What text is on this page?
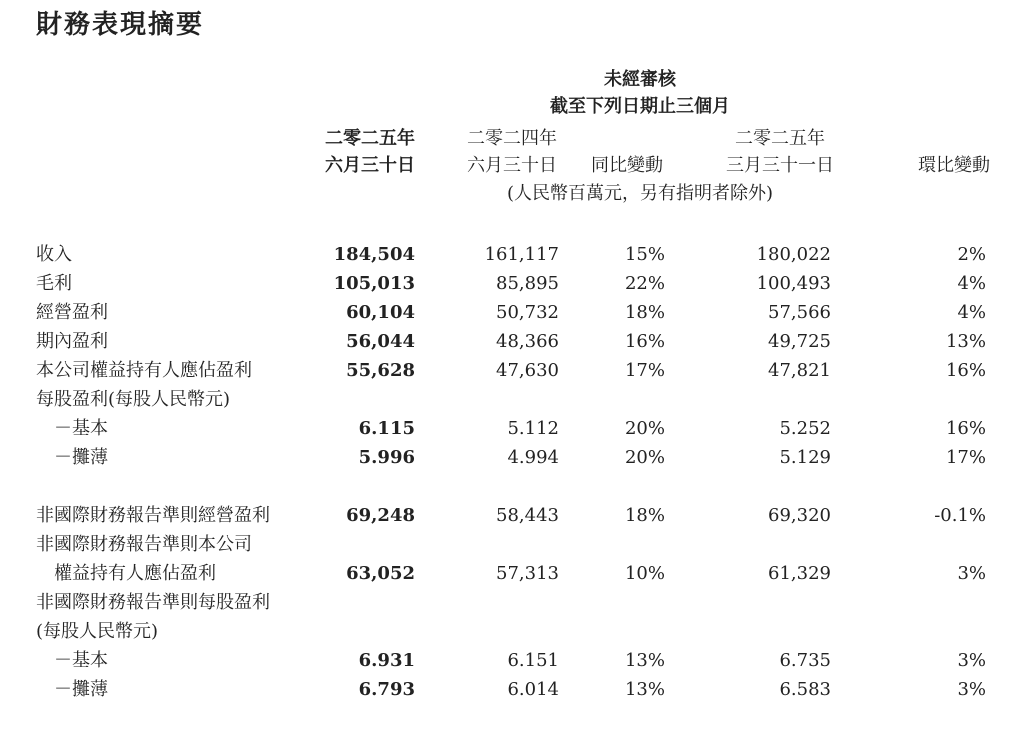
財務表現摘要
未經審核
截至下列日期止三個月
二零二五年
六月三十日
二零二四年
六月三十日	同比變動
二零二五年
三月三十一日	環比變動
(人民幣百萬元，另有指明者除外)
收入	184,504	161,117	15%	180,022	2%
毛利	105,013	85,895	22%	100,493	4%
經營盈利	60,104	50,732	18%	57,566	4%
期內盈利	56,044	48,366	16%	49,725	13%
本公司權益持有人應佔盈利	55,628	47,630	17%	47,821	16%
每股盈利(每股人民幣元)
－基本	6.115	5.112	20%	5.252	16%
－攤薄	5.996	4.994	20%	5.129	17%
非國際財務報告準則經營盈利	69,248	58,443	18%	69,320	-0.1%
非國際財務報告準則本公司
權益持有人應佔盈利	63,052	57,313	10%	61,329	3%
非國際財務報告準則每股盈利
(每股人民幣元)
－基本	6.931	6.151	13%	6.735	3%
－攤薄	6.793	6.014	13%	6.583	3%
